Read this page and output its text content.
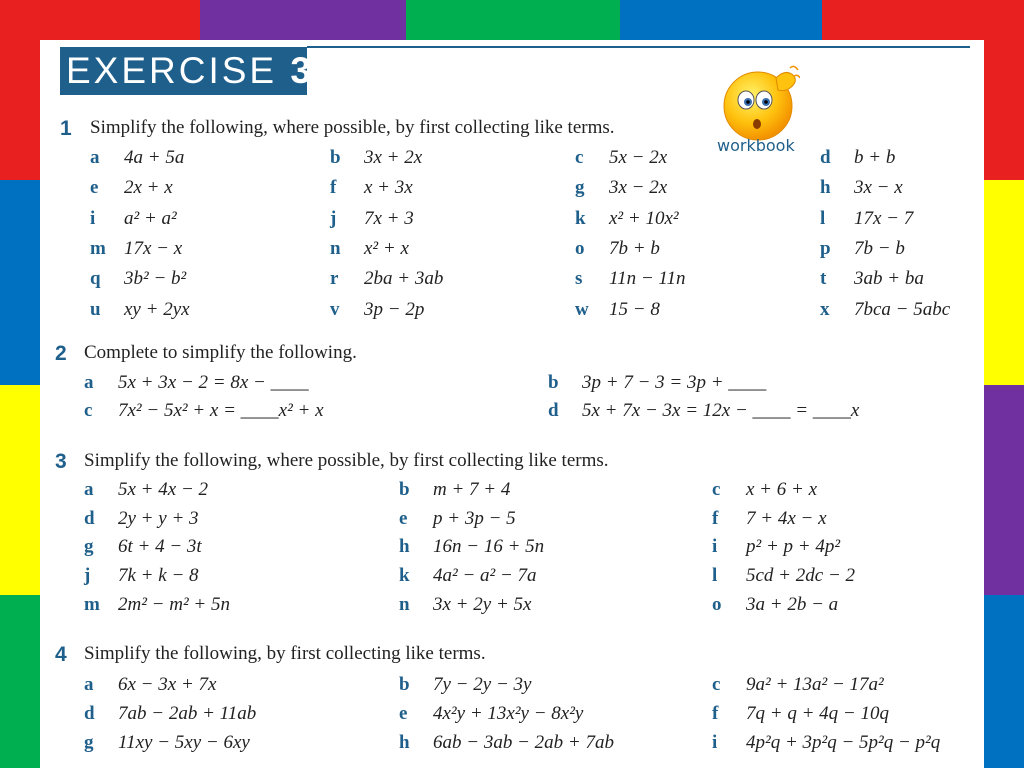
EXERCISE 3A
workbook
1 Simplify the following, where possible, by first collecting like terms.
a 4a + 5a	b 3x + 2x	c 5x − 2x	d b + b
e 2x + x	f x + 3x	g 3x − 2x	h 3x − x
i a² + a²	j 7x + 3	k x² + 10x²	l 17x − 7
m 17x − x	n x² + x	o 7b + b	p 7b − b
q 3b² − b²	r 2ba + 3ab	s 11n − 11n	t 3ab + ba
u xy + 2yx	v 3p − 2p	w 15 − 8	x 7bca − 5abc
2 Complete to simplify the following.
a 5x + 3x − 2 = 8x − ____	b 3p + 7 − 3 = 3p + ____
c 7x² − 5x² + x = ____x² + x	d 5x + 7x − 3x = 12x − ____ = ____x
3 Simplify the following, where possible, by first collecting like terms.
a 5x + 4x − 2	b m + 7 + 4	c x + 6 + x
d 2y + y + 3	e p + 3p − 5	f 7 + 4x − x
g 6t + 4 − 3t	h 16n − 16 + 5n	i p² + p + 4p²
j 7k + k − 8	k 4a² − a² − 7a	l 5cd + 2dc − 2
m 2m² − m² + 5n	n 3x + 2y + 5x	o 3a + 2b − a
4 Simplify the following, by first collecting like terms.
a 6x − 3x + 7x	b 7y − 2y − 3y	c 9a² + 13a² − 17a²
d 7ab − 2ab + 11ab	e 4x²y + 13x²y − 8x²y	f 7q + q + 4q − 10q
g 11xy − 5xy − 6xy	h 6ab − 3ab − 2ab + 7ab	i 4p²q + 3p²q − 5p²q − p²q
